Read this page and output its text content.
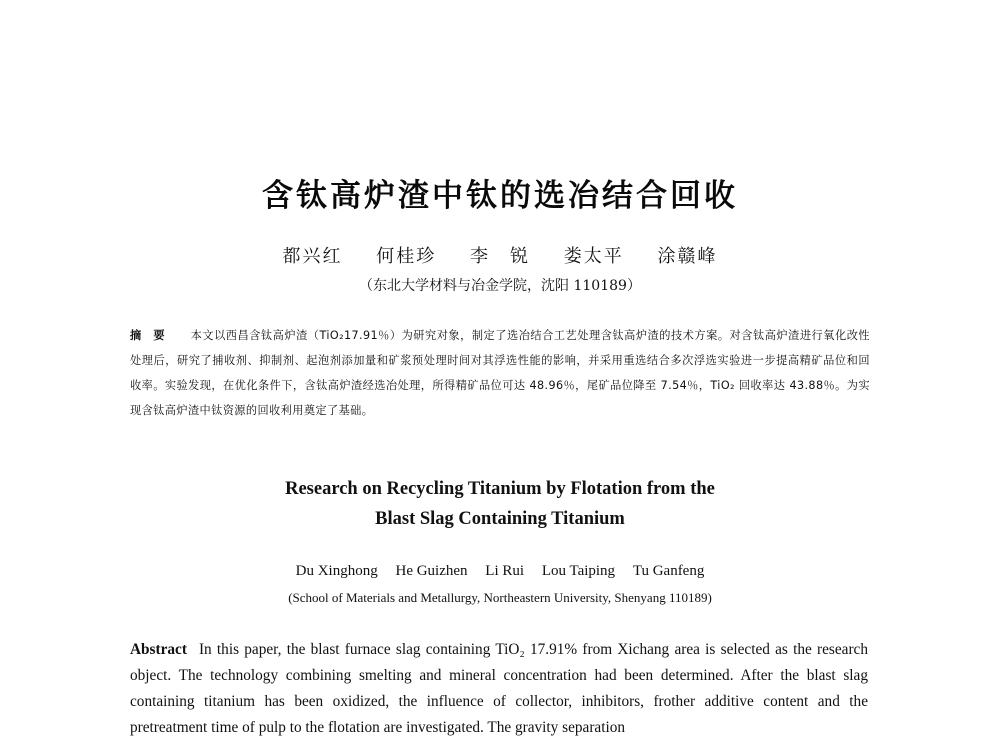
含钛高炉渣中钛的选冶结合回收
都兴红 何桂珍 李　锐 娄太平 涂赣峰
（东北大学材料与冶金学院，沈阳 110189）
摘要 本文以西昌含钛高炉渣（TiO₂17.91％）为研究对象，制定了选冶结合工艺处理含钛高炉渣的技术方案。对含钛高炉渣进行氧化改性处理后，研究了捕收剂、抑制剂、起泡剂添加量和矿浆预处理时间对其浮选性能的影响，并采用重选结合多次浮选实验进一步提高精矿品位和回收率。实验发现，在优化条件下，含钛高炉渣经选冶处理，所得精矿品位可达 48.96％，尾矿品位降至 7.54％，TiO₂ 回收率达 43.88％。为实现含钛高炉渣中钛资源的回收利用奠定了基础。
Research on Recycling Titanium by Flotation from the
Blast Slag Containing Titanium
Du Xinghong He Guizhen Li Rui Lou Taiping Tu Ganfeng
(School of Materials and Metallurgy, Northeastern University, Shenyang 110189)
Abstract In this paper, the blast furnace slag containing TiO₂ 17.91% from Xichang area is selected as the research object. The technology combining smelting and mineral concentration had been determined. After the blast slag containing titanium has been oxidized, the influence of collector, inhibitors, frother additive content and the pretreatment time of pulp to the flotation are investigated. The gravity separation
